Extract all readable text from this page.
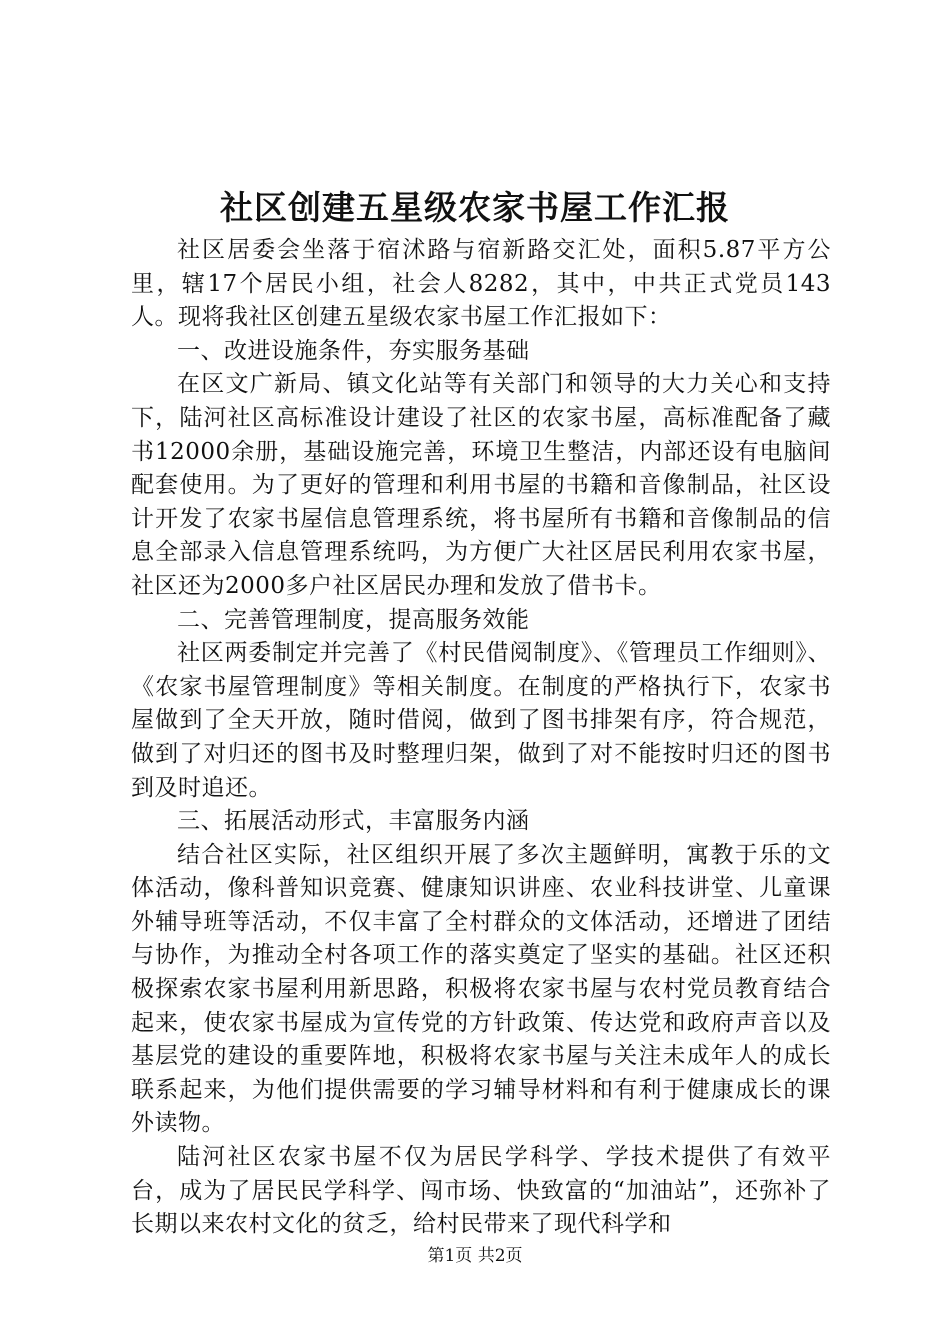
社区创建五星级农家书屋工作汇报

社区居委会坐落于宿沭路与宿新路交汇处，面积5.87平方公里，辖17个居民小组，社会人8282，其中，中共正式党员143人。现将我社区创建五星级农家书屋工作汇报如下：

一、改进设施条件，夯实服务基础

在区文广新局、镇文化站等有关部门和领导的大力关心和支持下，陆河社区高标准设计建设了社区的农家书屋，高标准配备了藏书12000余册，基础设施完善，环境卫生整洁，内部还设有电脑间配套使用。为了更好的管理和利用书屋的书籍和音像制品，社区设计开发了农家书屋信息管理系统，将书屋所有书籍和音像制品的信息全部录入信息管理系统吗，为方便广大社区居民利用农家书屋，社区还为2000多户社区居民办理和发放了借书卡。

二、完善管理制度，提高服务效能

社区两委制定并完善了《村民借阅制度》、《管理员工作细则》、《农家书屋管理制度》等相关制度。在制度的严格执行下，农家书屋做到了全天开放，随时借阅，做到了图书排架有序，符合规范，做到了对归还的图书及时整理归架，做到了对不能按时归还的图书到及时追还。

三、拓展活动形式，丰富服务内涵

结合社区实际，社区组织开展了多次主题鲜明，寓教于乐的文体活动，像科普知识竞赛、健康知识讲座、农业科技讲堂、儿童课外辅导班等活动，不仅丰富了全村群众的文体活动，还增进了团结与协作，为推动全村各项工作的落实奠定了坚实的基础。社区还积极探索农家书屋利用新思路，积极将农家书屋与农村党员教育结合起来，使农家书屋成为宣传党的方针政策、传达党和政府声音以及基层党的建设的重要阵地，积极将农家书屋与关注未成年人的成长联系起来，为他们提供需要的学习辅导材料和有利于健康成长的课外读物。

陆河社区农家书屋不仅为居民学科学、学技术提供了有效平台，成为了居民民学科学、闯市场、快致富的“加油站”，还弥补了长期以来农村文化的贫乏，给村民带来了现代科学和

第1页 共2页
